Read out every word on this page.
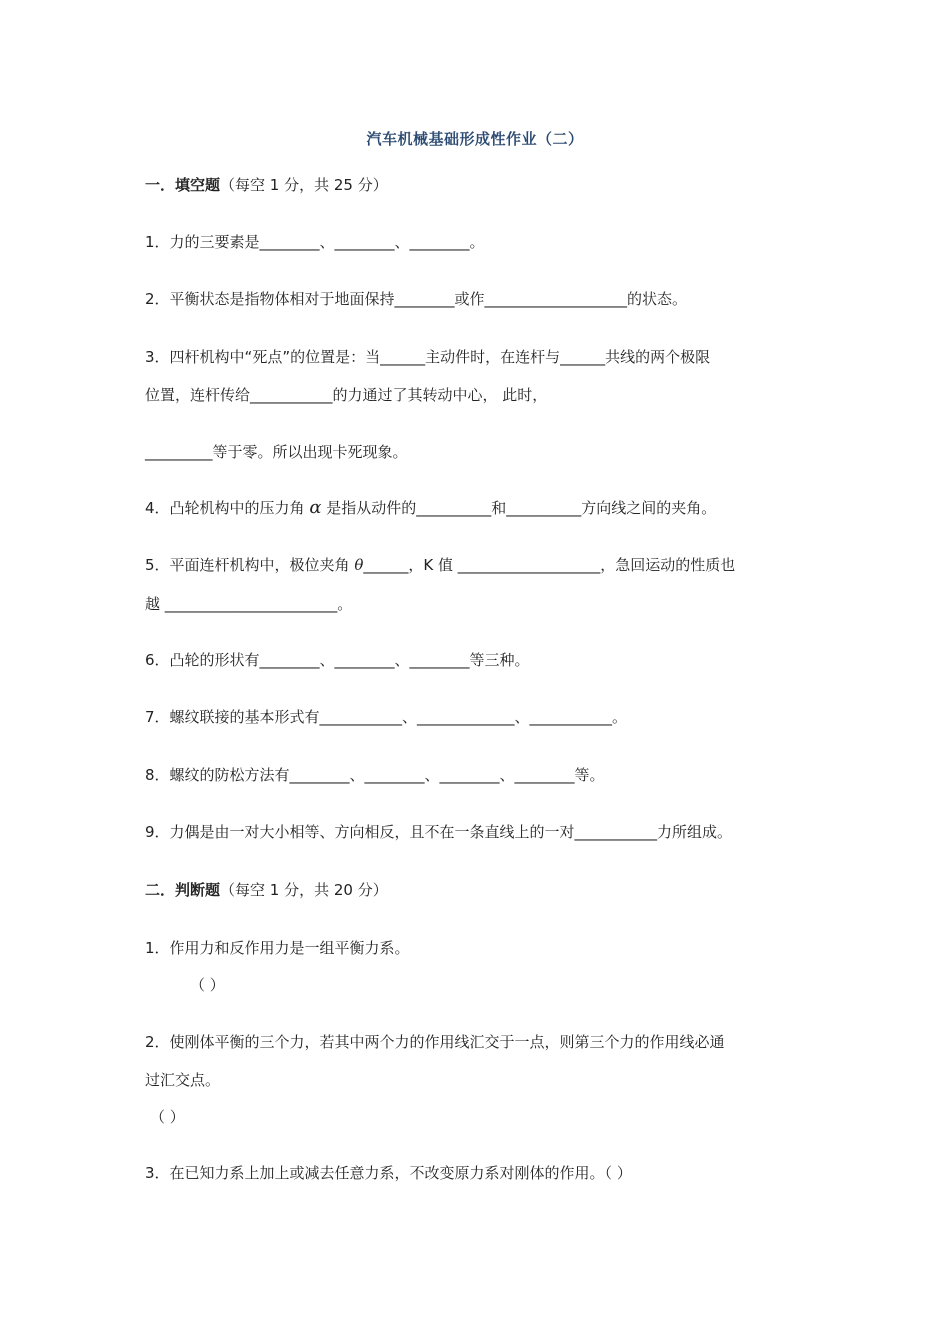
汽车机械基础形成性作业（二）
一．填空题（每空 1 分，共 25 分）
1．力的三要素是________、________、________。
2．平衡状态是指物体相对于地面保持________或作___________________的状态。
3．四杆机构中“死点”的位置是：当______主动件时，在连杆与______共线的两个极限
位置，连杆传给___________的力通过了其转动中心， 此时，
_________等于零。所以出现卡死现象。
4．凸轮机构中的压力角 α 是指从动件的__________和__________方向线之间的夹角。
5．平面连杆机构中，极位夹角 θ______，K 值 ___________________，急回运动的性质也
越 _______________________。
6．凸轮的形状有________、________、________等三种。
7．螺纹联接的基本形式有___________、_____________、___________。
8．螺纹的防松方法有________、________、________、________等。
9．力偶是由一对大小相等、方向相反，且不在一条直线上的一对___________力所组成。
二．判断题（每空 1 分，共 20 分）
1．作用力和反作用力是一组平衡力系。
（ ）
2．使刚体平衡的三个力，若其中两个力的作用线汇交于一点，则第三个力的作用线必通
过汇交点。
（ ）
3．在已知力系上加上或减去任意力系，不改变原力系对刚体的作用。（ ）
